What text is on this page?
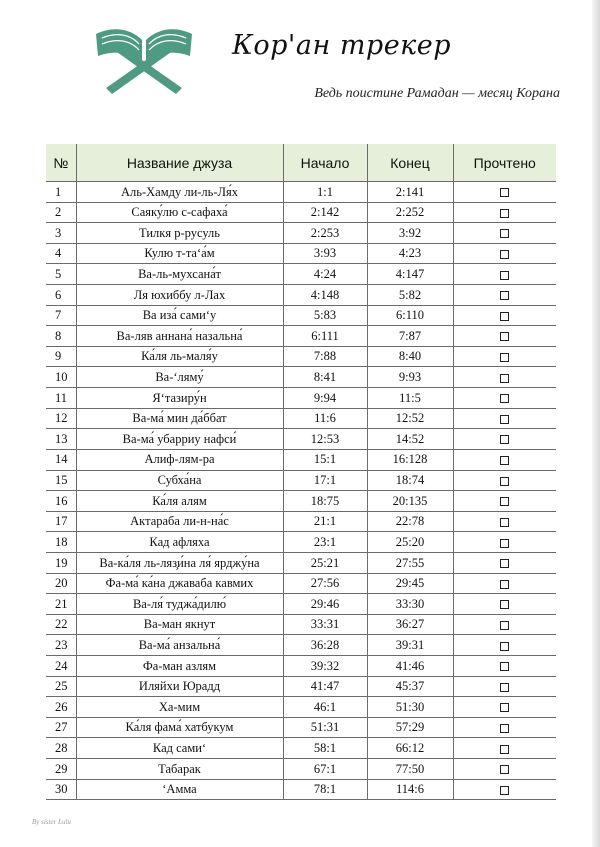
Кор'ан трекер
Ведь поистине Рамадан — месяц Корана
№	Название джуза	Начало	Конец	Прочтено
1	Аль-Хамду ли-ль-Ля́х	1:1	2:141	
2	Саяку́лю с-сафаха́	2:142	2:252	
3	Тилкя р-русуль	2:253	3:92	
4	Кулю т-та‘а́м	3:93	4:23	
5	Ва-ль-мухсана́т	4:24	4:147	
6	Ля юхиббу л-Лах	4:148	5:82	
7	Ва иза́ сами‘у	5:83	6:110	
8	Ва-ляв аннана́ назальна́	6:111	7:87	
9	Ка́ля ль-маля́у	7:88	8:40	
10	Ва-‘ляму́	8:41	9:93	
11	Я‘тазиру́н	9:94	11:5	
12	Ва-ма́ мин да́ббат	11:6	12:52	
13	Ва-ма́ убарриу нафси́	12:53	14:52	
14	Алиф-лям-ра	15:1	16:128	
15	Субха́на	17:1	18:74	
16	Ка́ля алям	18:75	20:135	
17	Актараба ли-н-на́с	21:1	22:78	
18	Кад афляха	23:1	25:20	
19	Ва-ка́ля ль-ляз̧и́на ля́ ярджу́на	25:21	27:55	
20	Фа-ма́ ка́на джаваба кавмих	27:56	29:45	
21	Ва-ля́ туджа́дилю́	29:46	33:30	
22	Ва-ман якнут	33:31	36:27	
23	Ва-ма́ анзальна́	36:28	39:31	
24	Фа-ман азлям	39:32	41:46	
25	Иляйхи Юрадд	41:47	45:37	
26	Ха-мим	46:1	51:30	
27	Ка́ля фама́ хатбукум	51:31	57:29	
28	Кад сами‘	58:1	66:12	
29	Табарак	67:1	77:50	
30	‘Амма	78:1	114:6	
By sister Lulu
